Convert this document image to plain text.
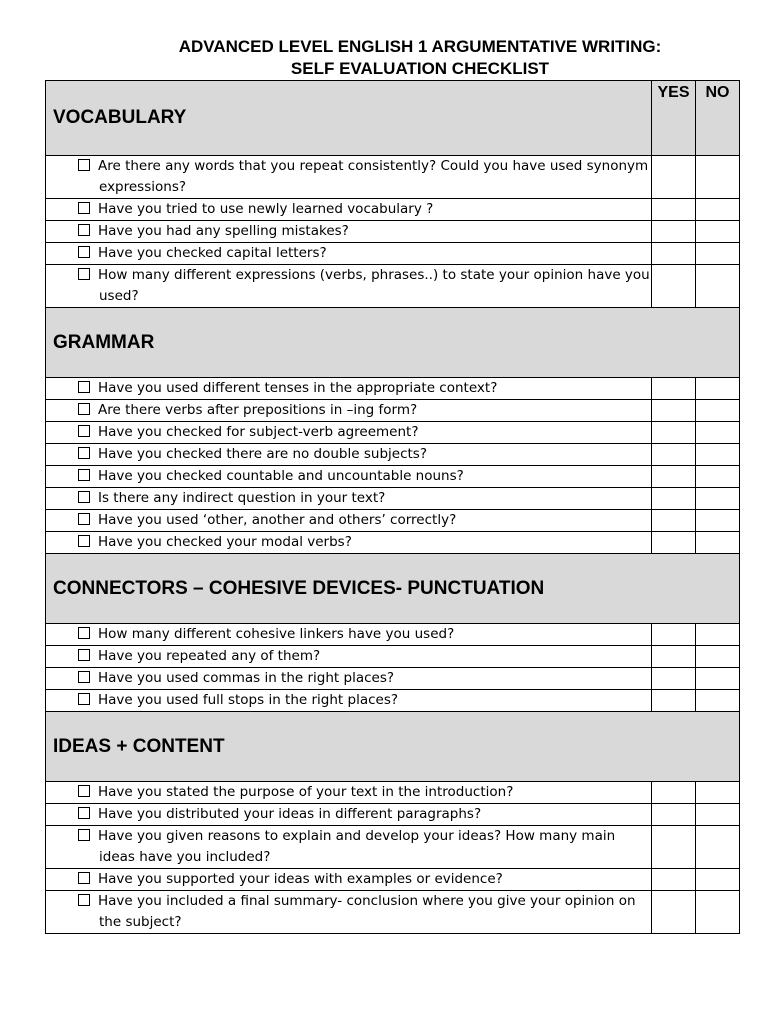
ADVANCED LEVEL ENGLISH 1 ARGUMENTATIVE WRITING:
SELF EVALUATION CHECKLIST
VOCABULARY	YES	NO
Are there any words that you repeat consistently? Could you have used synonym expressions?		
Have you tried to use newly learned vocabulary ?		
Have you had any spelling mistakes?		
Have you checked capital letters?		
How many different expressions (verbs, phrases..) to state your opinion have you used?		
GRAMMAR		
Have you used different tenses in the appropriate context?		
Are there verbs after prepositions in –ing form?		
Have you checked for subject-verb agreement?		
Have you checked there are no double subjects?		
Have you checked countable and uncountable nouns?		
Is there any indirect question in your text?		
Have you used ‘other, another and others’ correctly?		
Have you checked your modal verbs?		
CONNECTORS – COHESIVE DEVICES- PUNCTUATION		
How many different cohesive linkers have you used?		
Have you repeated any of them?		
Have you used commas in the right places?		
Have you used full stops in the right places?		
IDEAS + CONTENT		
Have you stated the purpose of your text in the introduction?		
Have you distributed your ideas in different paragraphs?		
Have you given reasons to explain and develop your ideas? How many main ideas have you included?		
Have you supported your ideas with examples or evidence?		
Have you included a final summary- conclusion where you give your opinion on the subject?		
